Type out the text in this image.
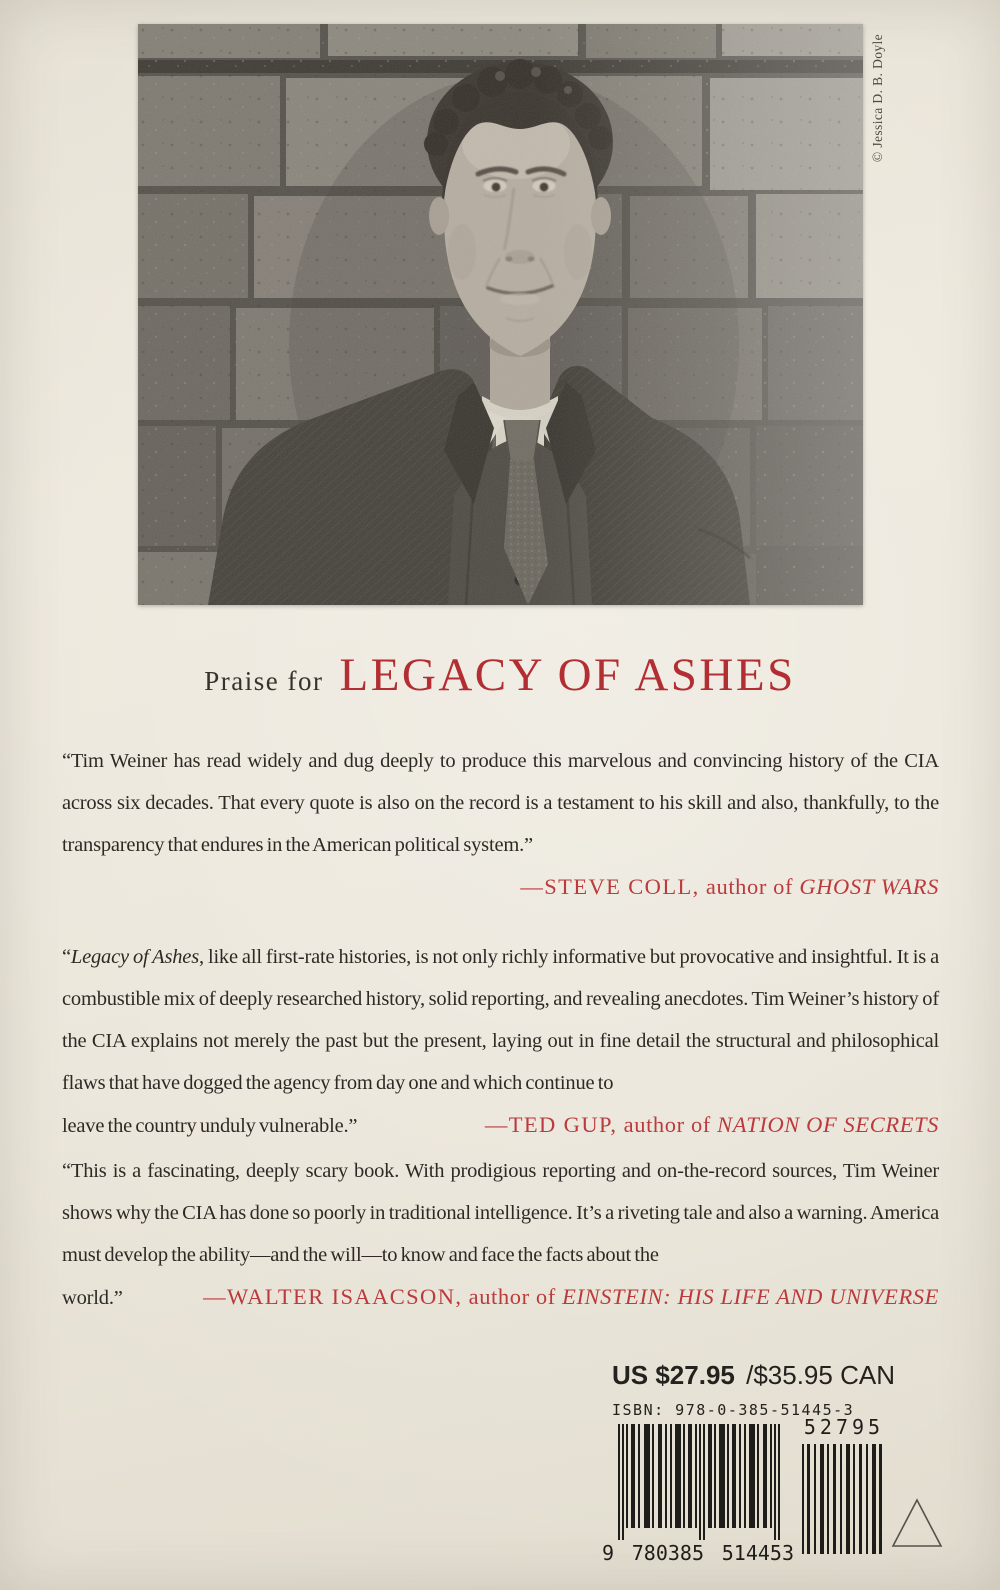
© Jessica D. B. Doyle
Praise for LEGACY OF ASHES

“Tim Weiner has read widely and dug deeply to produce this marvelous and convincing history of the CIA across six decades. That every quote is also on the record is a testament to his skill and also, thankfully, to the transparency that endures in the American political system.”

—STEVE COLL, author of GHOST WARS

“Legacy of Ashes, like all first-rate histories, is not only richly informative but provocative and insightful. It is a combustible mix of deeply researched history, solid reporting, and revealing anecdotes. Tim Weiner’s history of the CIA explains not merely the past but the present, laying out in fine detail the structural and philosophical flaws that have dogged the agency from day one and which continue to

leave the country unduly vulnerable.”	—TED GUP, author of NATION OF SECRETS

“This is a fascinating, deeply scary book. With prodigious reporting and on-the-record sources, Tim Weiner shows why the CIA has done so poorly in traditional intelligence. It’s a riveting tale and also a warning. America must develop the ability—and the will—to know and face the facts about the

world.”	—WALTER ISAACSON, author of EINSTEIN: HIS LIFE AND UNIVERSE
US $27.95 /$35.95 CAN
ISBN: 978-0-385-51445-3
9 780385 514453
52795
